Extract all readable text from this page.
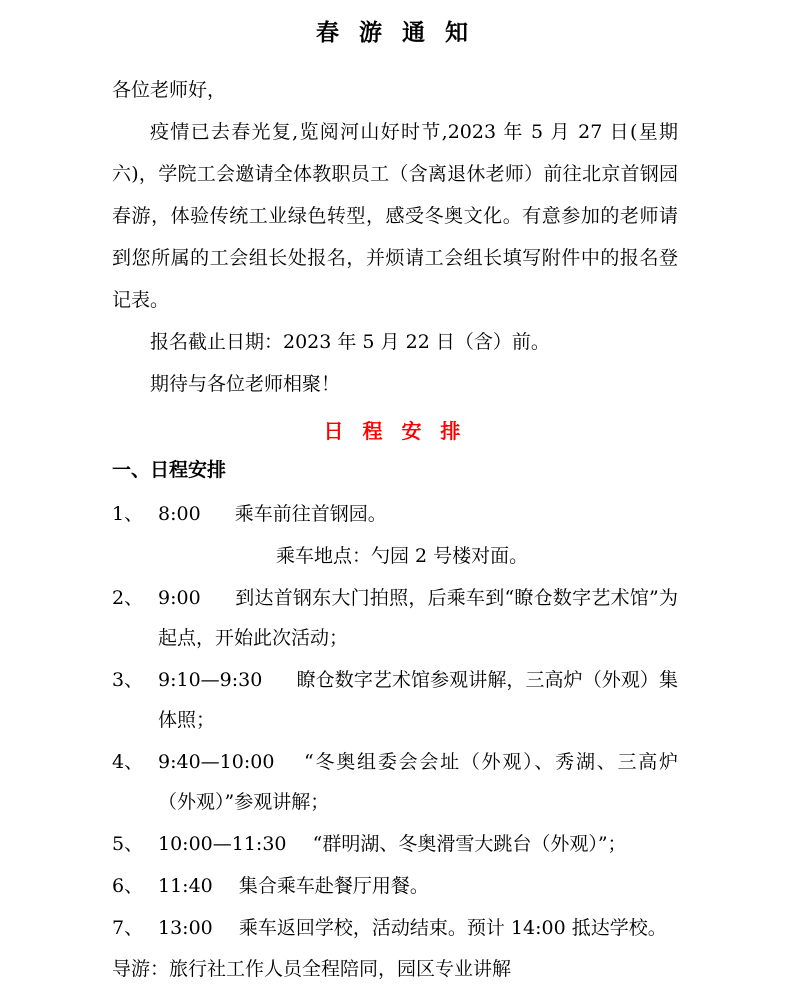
春 游 通 知

各位老师好，

疫情已去春光复,览阅河山好时节,2023 年 5 月 27 日(星期六)，学院工会邀请全体教职员工（含离退休老师）前往北京首钢园春游，体验传统工业绿色转型，感受冬奥文化。有意参加的老师请到您所属的工会组长处报名，并烦请工会组长填写附件中的报名登记表。

报名截止日期：2023 年 5 月 22 日（含）前。

期待与各位老师相聚！

日 程 安 排
一、日程安排
1、 8:00 乘车前往首钢园。
乘车地点：勺园 2 号楼对面。
2、 9:00 到达首钢东大门拍照，后乘车到“瞭仓数字艺术馆”为起点，开始此次活动；
3、 9:10—9:30 瞭仓数字艺术馆参观讲解，三高炉（外观）集体照；
4、 9:40—10:00 “冬奥组委会会址（外观）、秀湖、三高炉（外观）”参观讲解；
5、 10:00—11:30 “群明湖、冬奥滑雪大跳台（外观）”；
6、 11:40 集合乘车赴餐厅用餐。
7、 13:00 乘车返回学校，活动结束。预计 14:00 抵达学校。
导游：旅行社工作人员全程陪同，园区专业讲解
